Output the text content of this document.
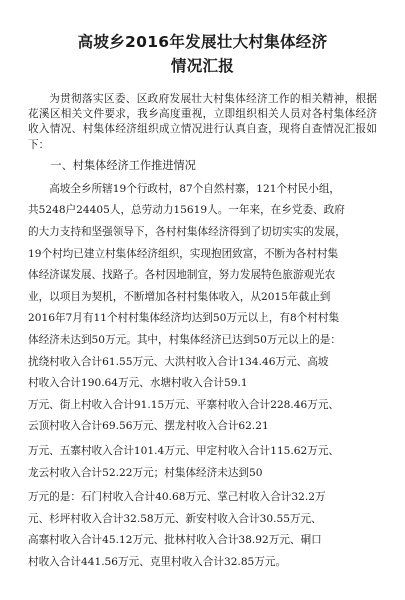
高坡乡2016年发展壮大村集体经济
情况汇报

为贯彻落实区委、区政府发展壮大村集体经济工作的相关精神，根据花溪区相关文件要求，我乡高度重视，立即组织相关人员对各村集体经济收入情况、村集体经济组织成立情况进行认真自查，现将自查情况汇报如下：

一、村集体经济工作推进情况

高坡全乡所辖19个行政村，87个自然村寨，121个村民小组，

共5248户24405人，总劳动力15619人。一年来，在乡党委、政府

的大力支持和坚强领导下，各村村集体经济得到了切切实实的发展，

19个村均已建立村集体经济组织，实现抱团致富，不断为各村村集

体经济谋发展、找路子。各村因地制宜，努力发展特色旅游观光农

业，以项目为契机，不断增加各村村集体收入，从2015年截止到

2016年7月有11个村村集体经济均达到50万元以上，有8个村村集

体经济未达到50万元。其中，村集体经济已达到50万元以上的是：

扰绕村收入合计61.55万元、大洪村收入合计134.46万元、高坡

村收入合计190.64万元、水塘村收入合计59.1

万元、街上村收入合计91.15万元、平寨村收入合计228.46万元、

云顶村收入合计69.56万元、摆龙村收入合计62.21

万元、五寨村收入合计101.4万元、甲定村收入合计115.62万元、

龙云村收入合计52.22万元；村集体经济未达到50

万元的是：石门村收入合计40.68万元、掌己村收入合计32.2万

元、杉坪村收入合计32.58万元、新安村收入合计30.55万元、

高寨村收入合计45.12万元、批林村收入合计38.92万元、硐口

村收入合计441.56万元、克里村收入合计32.85万元。
